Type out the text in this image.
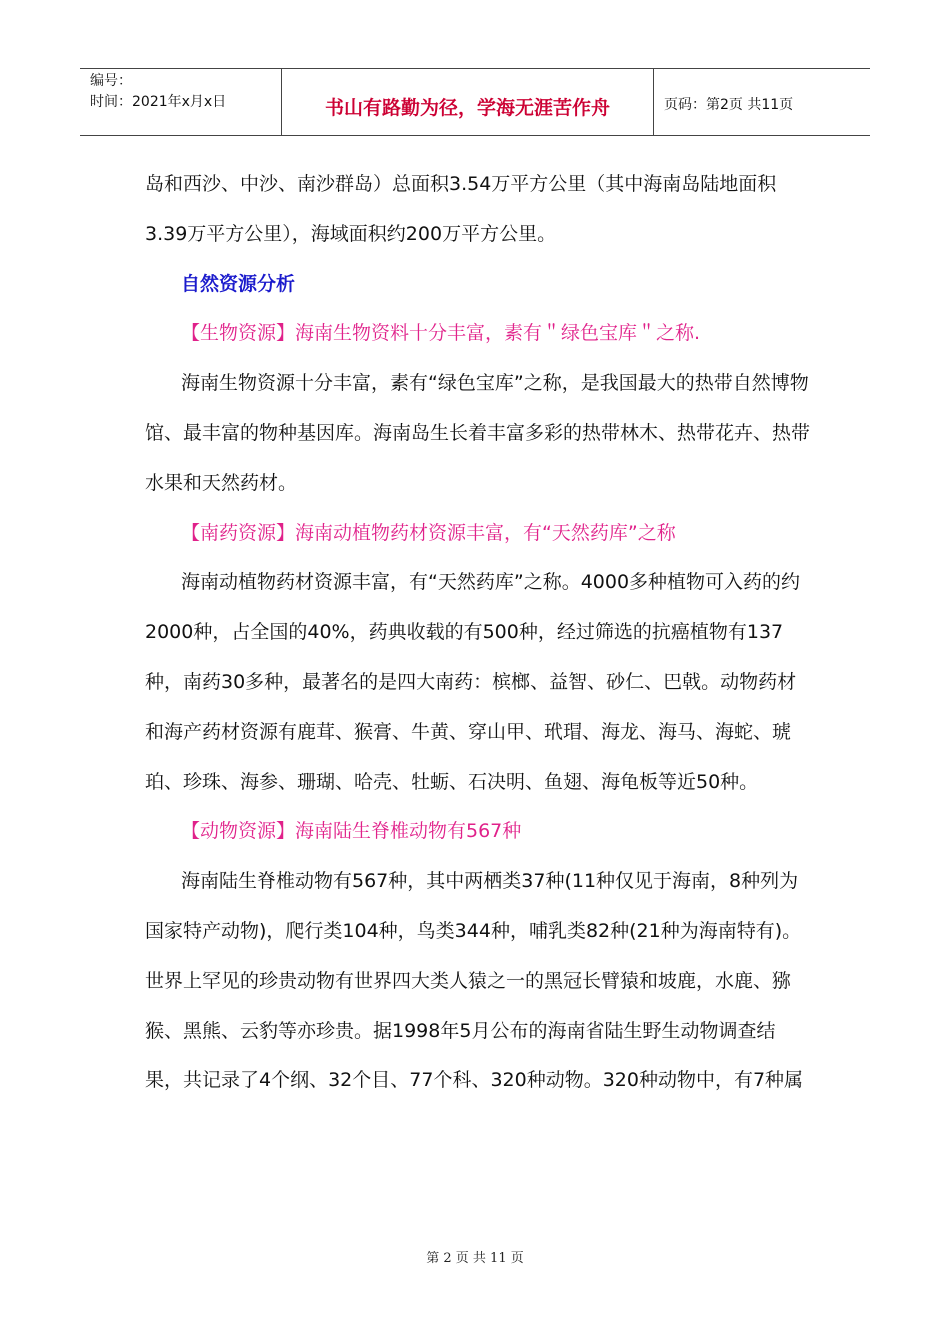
编号：
时间：2021年x月x日	书山有路勤为径，学海无涯苦作舟	页码：第2页 共11页

岛和西沙、中沙、南沙群岛）总面积3.54万平方公里（其中海南岛陆地面积3.39万平方公里），海域面积约200万平方公里。

自然资源分析

【生物资源】海南生物资料十分丰富，素有＂绿色宝库＂之称.

海南生物资源十分丰富，素有“绿色宝库”之称，是我国最大的热带自然博物馆、最丰富的物种基因库。海南岛生长着丰富多彩的热带林木、热带花卉、热带水果和天然药材。

【南药资源】海南动植物药材资源丰富，有“天然药库”之称

海南动植物药材资源丰富，有“天然药库”之称。4000多种植物可入药的约2000种，占全国的40%，药典收载的有500种，经过筛选的抗癌植物有137种，南药30多种，最著名的是四大南药：槟榔、益智、砂仁、巴戟。动物药材和海产药材资源有鹿茸、猴膏、牛黄、穿山甲、玳瑁、海龙、海马、海蛇、琥珀、珍珠、海参、珊瑚、哈壳、牡蛎、石决明、鱼翅、海龟板等近50种。

【动物资源】海南陆生脊椎动物有567种

海南陆生脊椎动物有567种，其中两栖类37种(11种仅见于海南，8种列为国家特产动物)，爬行类104种，鸟类344种，哺乳类82种(21种为海南特有)。世界上罕见的珍贵动物有世界四大类人猿之一的黑冠长臂猿和坡鹿，水鹿、猕猴、黑熊、云豹等亦珍贵。据1998年5月公布的海南省陆生野生动物调查结果，共记录了4个纲、32个目、77个科、320种动物。320种动物中，有7种属

第 2 页 共 11 页
